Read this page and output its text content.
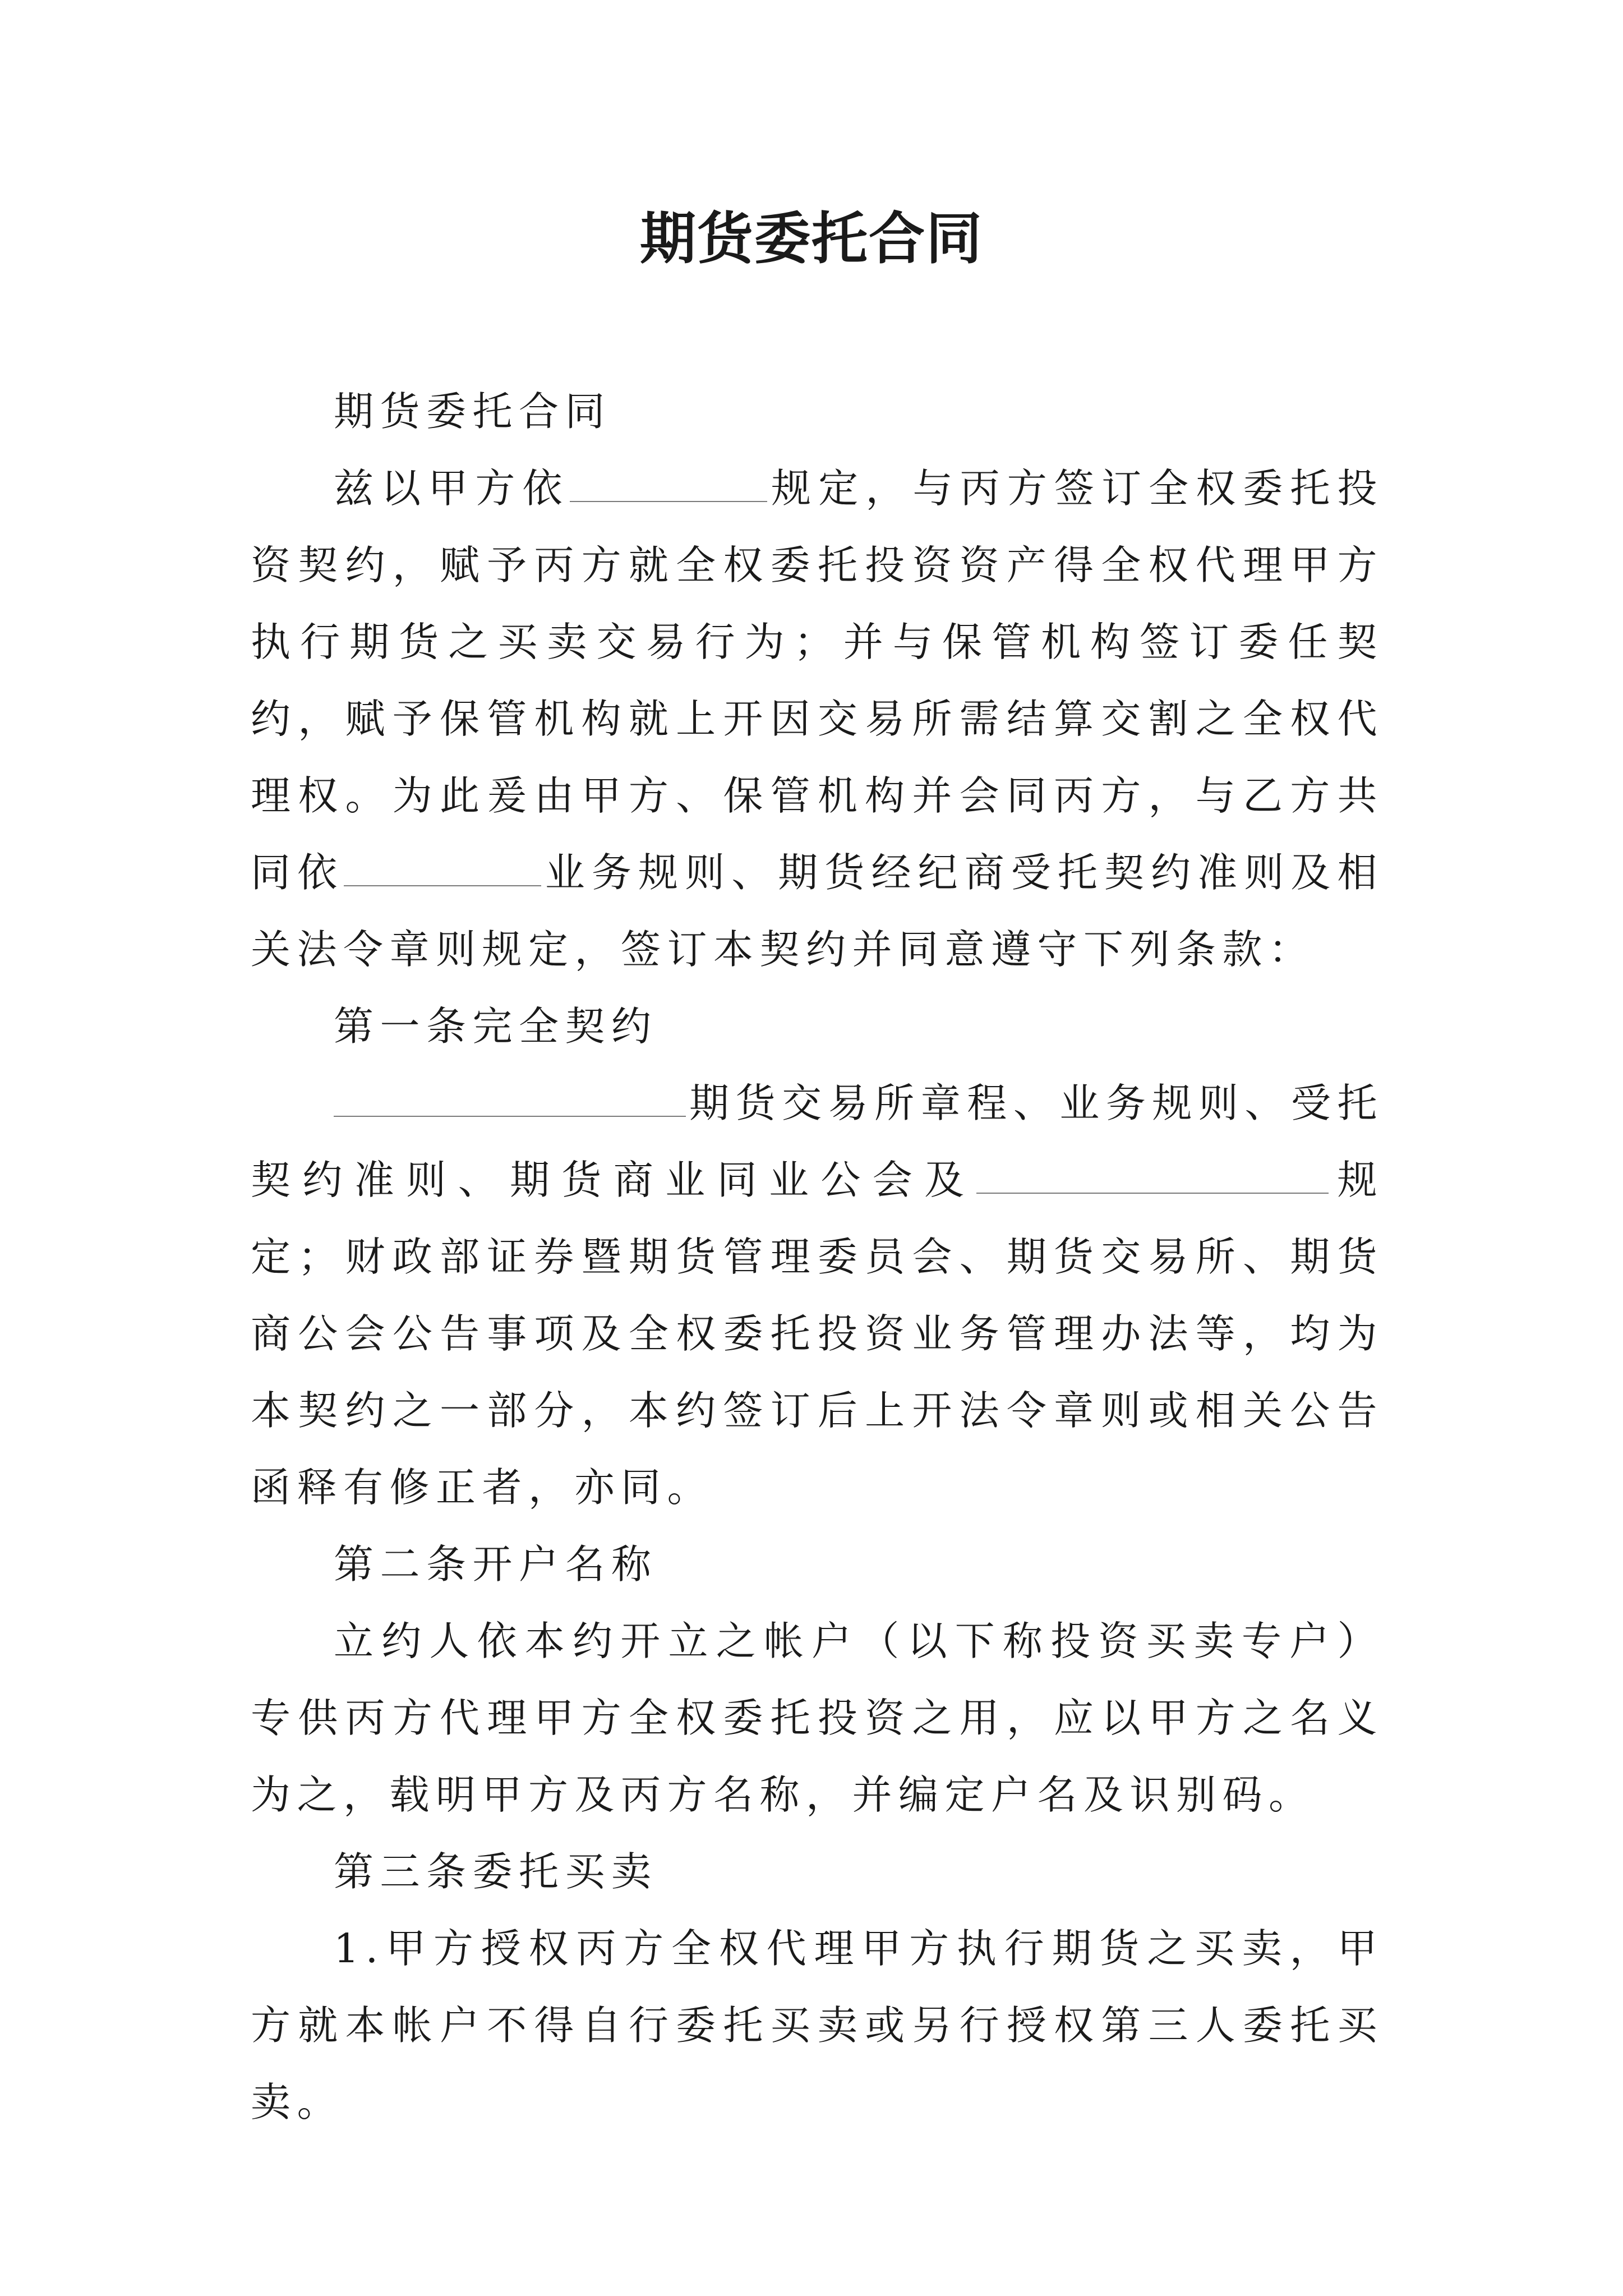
期货委托合同

期货委托合同

兹以甲方依	规定，与丙方签订全权委托投资契约，赋予丙方就全权委托投资资产得全权代理甲方执行期货之买卖交易行为；并与保管机构签订委任契约，赋予保管机构就上开因交易所需结算交割之全权代理权。为此爰由甲方、保管机构并会同丙方，与乙方共同依	业务规则、期货经纪商受托契约准则及相关法令章则规定，签订本契约并同意遵守下列条款：

第一条完全契约

期货交易所章程、业务规则、受托契约准则、期货商业同业公会及	规定；财政部证券暨期货管理委员会、期货交易所、期货商公会公告事项及全权委托投资业务管理办法等，均为本契约之一部分，本约签订后上开法令章则或相关公告函释有修正者，亦同。

第二条开户名称

立约人依本约开立之帐户（以下称投资买卖专户）专供丙方代理甲方全权委托投资之用，应以甲方之名义为之，载明甲方及丙方名称，并编定户名及识别码。

第三条委托买卖

1.甲方授权丙方全权代理甲方执行期货之买卖，甲方就本帐户不得自行委托买卖或另行授权第三人委托买卖。
